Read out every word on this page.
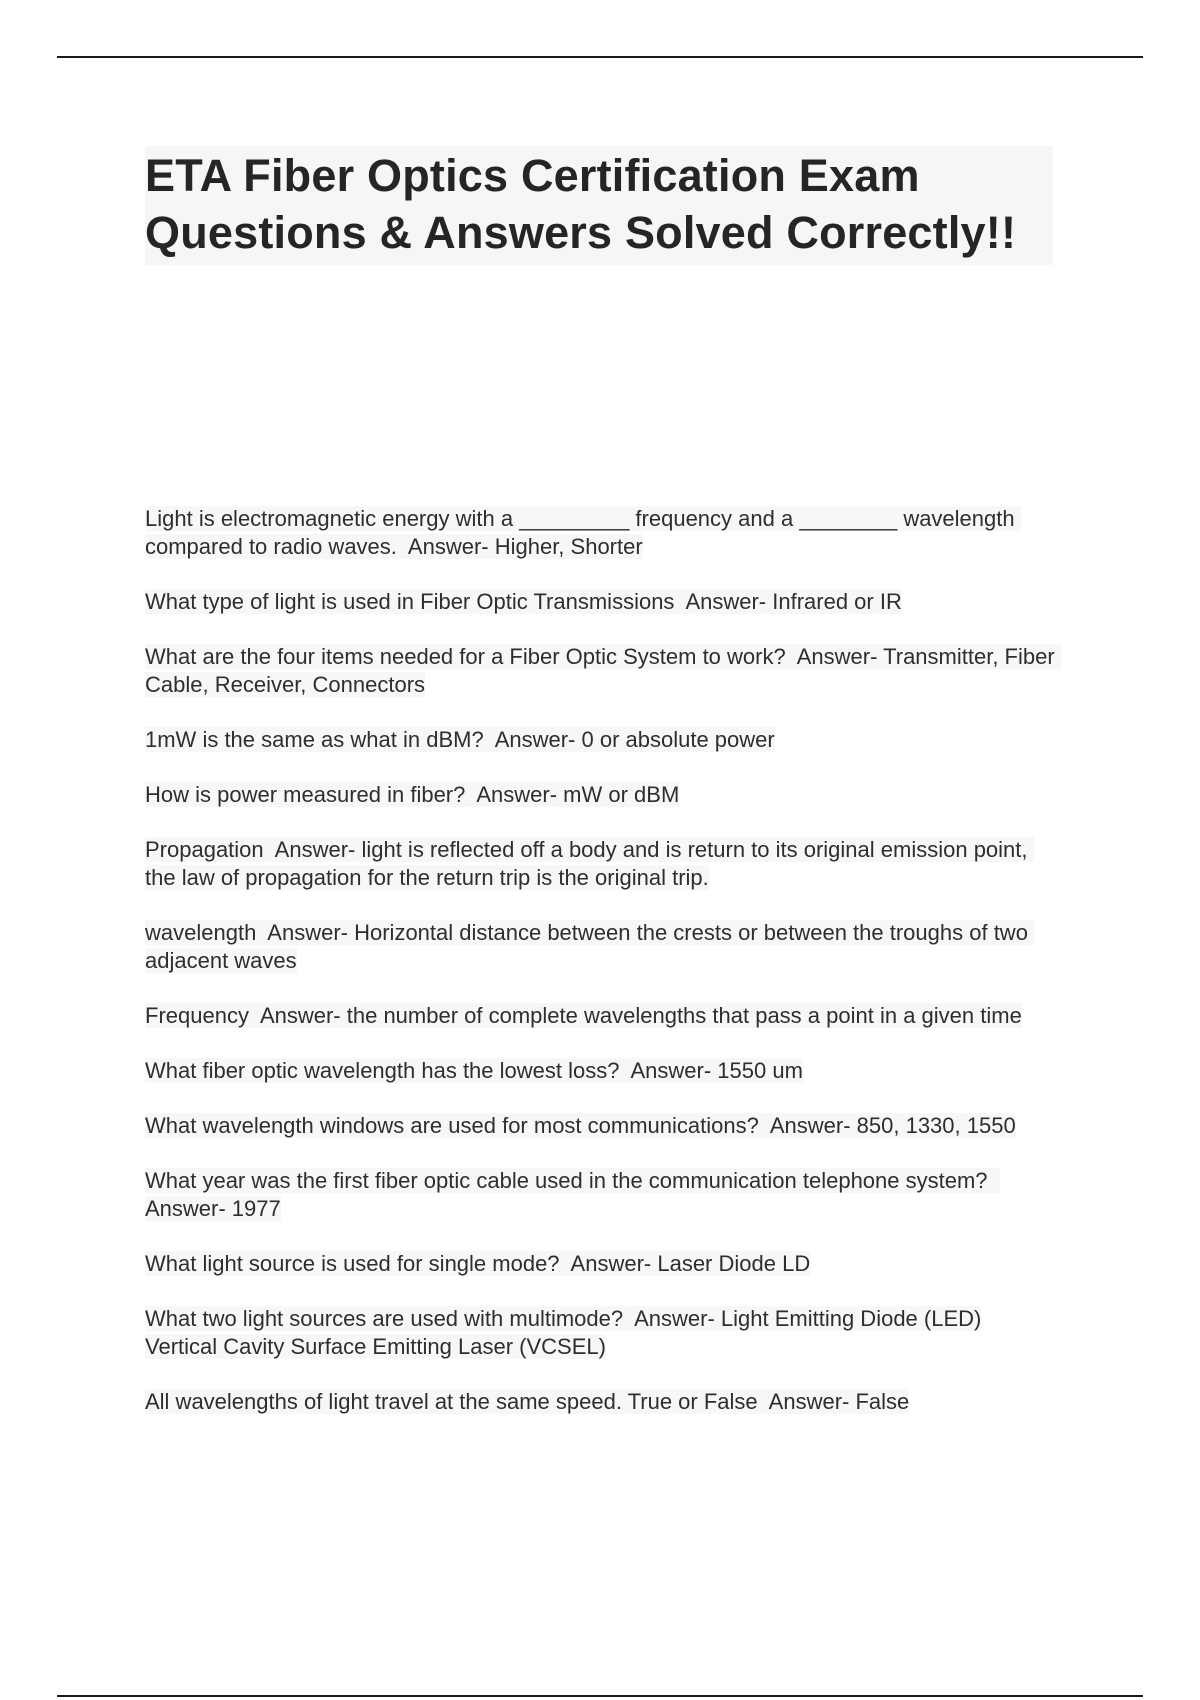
ETA Fiber Optics Certification Exam Questions & Answers Solved Correctly!!
Light is electromagnetic energy with a _________ frequency and a ________ wavelength compared to radio waves.  Answer- Higher, Shorter
What type of light is used in Fiber Optic Transmissions  Answer- Infrared or IR
What are the four items needed for a Fiber Optic System to work?  Answer- Transmitter, Fiber Cable, Receiver, Connectors
1mW is the same as what in dBM?  Answer- 0 or absolute power
How is power measured in fiber?  Answer- mW or dBM
Propagation  Answer- light is reflected off a body and is return to its original emission point, the law of propagation for the return trip is the original trip.
wavelength  Answer- Horizontal distance between the crests or between the troughs of two adjacent waves
Frequency  Answer- the number of complete wavelengths that pass a point in a given time
What fiber optic wavelength has the lowest loss?  Answer- 1550 um
What wavelength windows are used for most communications?  Answer- 850, 1330, 1550
What year was the first fiber optic cable used in the communication telephone system?  Answer- 1977
What light source is used for single mode?  Answer- Laser Diode LD
What two light sources are used with multimode?  Answer- Light Emitting Diode (LED)
Vertical Cavity Surface Emitting Laser (VCSEL)
All wavelengths of light travel at the same speed. True or False  Answer- False
